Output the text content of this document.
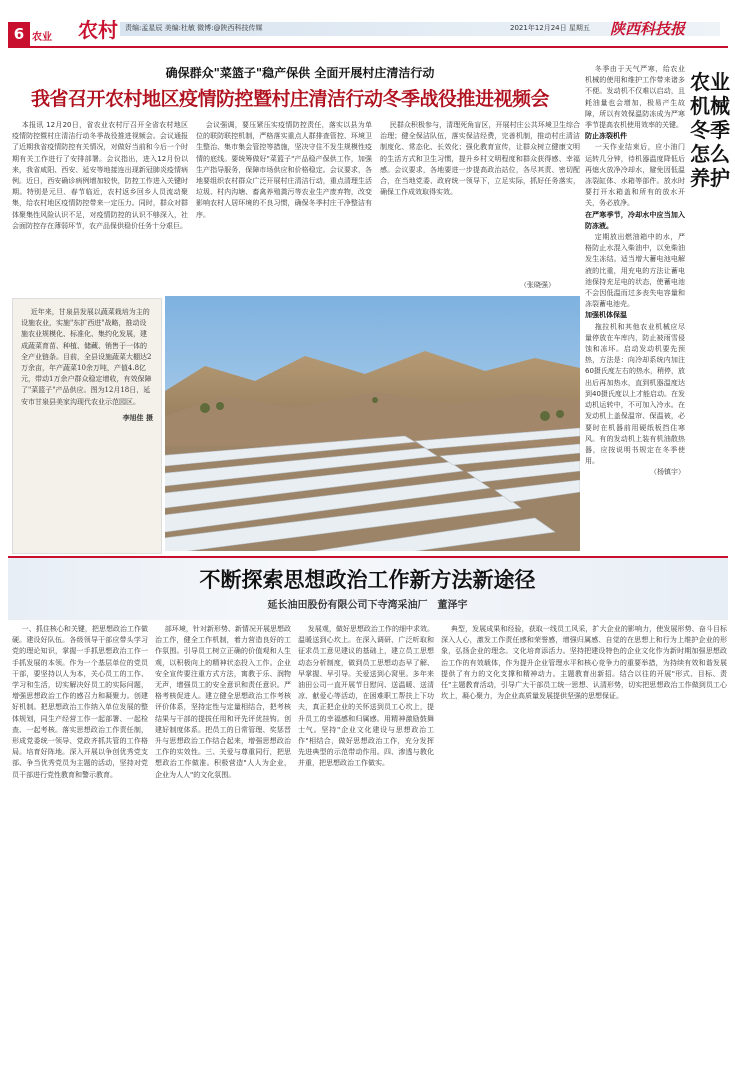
6 农业 农村 责编:孟星辰 美编:杜敏 微博:@陕西科技传媒	2021年12月24日 星期五 陕西科技报
确保群众"菜篮子"稳产保供 全面开展村庄清洁行动
我省召开农村地区疫情防控暨村庄清洁行动冬季战役推进视频会

本报讯 12月20日，省农业农村厅召开全省农村地区疫情防控暨村庄清洁行动冬季战役推进视频会。会议通报了近期我省疫情防控有关情况，对做好当前和今后一个时期有关工作进行了安排部署。会议指出，进入12月份以来，我省咸阳、西安、延安等地接连出现新冠肺炎疫情病例。近日，西安确诊病例增加较快，防控工作进入关键时期。特别是元旦、春节临近，农村返乡回乡人员流动聚集，给农村地区疫情防控带来一定压力。同时，群众对群体聚集性风险认识不足，对疫情防控的认识不够深入，社会面防控存在薄弱环节，农产品保供稳价任务十分艰巨。

会议强调，要压紧压实疫情防控责任，落实以县为单位的联防联控机制，严格落实重点人群排查管控、环境卫生整治、集市集会管控等措施，坚决守住不发生规模性疫情的底线。要统筹做好"菜篮子"产品稳产保供工作，加强生产指导服务，保障市场供应和价格稳定。会议要求，各地要组织农村群众广泛开展村庄清洁行动，重点清理生活垃圾、村内沟塘、畜禽养殖粪污等农业生产废弃物，改变影响农村人居环境的不良习惯，确保冬季村庄干净整洁有序。

民群众积极参与，清理死角盲区，开展村庄公共环境卫生综合治理；健全保洁队伍，落实保洁经费，完善机制，推动村庄清洁制度化、常态化、长效化；强化教育宣传，让群众树立健康文明的生活方式和卫生习惯，提升乡村文明程度和群众获得感、幸福感。会议要求，各地要进一步提高政治站位，各尽其责、密切配合，在当地党委、政府统一领导下，立足实际，抓好任务落实，确保工作成效取得实效。

（张晓强）

近年来，甘泉县发展以蔬菜栽培为主的设施农业，实施"东扩西进"战略，推动设施农业规模化、标准化、集约化发展，建成蔬菜育苗、种植、储藏、销售于一体的全产业链条。目前，全县设施蔬菜大棚达2万余亩，年产蔬菜10余万吨，产值4.8亿元，带动1万余户群众稳定增收，有效保障了"菜篮子"产品供应。图为12月18日，延安市甘泉县美家沟现代农业示范园区。

李旭佳 摄

冬季由于天气严寒，给农业机械的使用和维护工作带来诸多不便。发动机不仅难以启动，且耗油量也会增加，极易产生故障，所以有效保温防冻成为严寒季节提高农机使用效率的关键。

防止冻裂机件

一天作业结束后，应小油门运转几分钟，待机器温度降低后再熄火放净冷却水，避免因低温冻裂缸体、水箱等部件。放水时要打开水箱盖和所有的放水开关，务必放净。

在严寒季节，冷却水中应当加入防冻液。

定期放出燃油箱中的水，严格防止水混入柴油中，以免柴油发生冻结。适当增大蓄电池电解液的比重，用充电的方法让蓄电池保持充足电的状态，使蓄电池不会因低温而过多丧失电容量和冻裂蓄电池壳。

加强机体保温

拖拉机和其他农业机械应尽量停放在车库内，防止被雨雪侵蚀和冻坏。启动发动机要先预热，方法是：向冷却系统内加注60摄氏度左右的热水，稍停，放出后再加热水，直到机器温度达到40摄氏度以上才能启动。在发动机运转中，不可加入冷水。在发动机上盖保温帘、保温被，必要时在机器前用硬纸板挡住寒风。有的发动机上装有机油散热器，应按说明书规定在冬季使用。

（杨镇宇）

农业机械冬季怎么养护
不断探索思想政治工作新方法新途径
延长油田股份有限公司下寺湾采油厂　董泽宇

一、抓住核心和关键，把思想政治工作做硬。建设好队伍。各级领导干部应带头学习党的理论知识，掌握一手抓思想政治工作一手抓发展的本领。作为一个基层单位的党员干部，要坚持以人为本，关心员工的工作、学习和生活，切实解决好员工的实际问题，增强思想政治工作的感召力和凝聚力。创建好机制。把思想政治工作纳入单位发展的整体规划，同生产经营工作一起部署、一起检查、一起考核。落实思想政治工作责任制，形成党委统一领导、党政齐抓共管的工作格局。培育好阵地。深入开展以争创优秀党支部、争当优秀党员为主题的活动，坚持对党员干部进行党性教育和警示教育。

部环境，针对新形势、新情况开展思想政治工作，健全工作机制，着力营造良好的工作氛围。引导员工树立正确的价值观和人生观，以积极向上的精神状态投入工作。企业安全宣传要注重方式方法，寓教于乐、润物无声，增强员工的安全意识和责任意识。严格考核促进人。建立健全思想政治工作考核评价体系，坚持定性与定量相结合，把考核结果与干部的提拔任用和评先评优挂钩。创建好制度体系。把员工的日常管理、奖惩晋升与思想政治工作结合起来，增强思想政治工作的实效性。三、关爱与尊重同行，把思想政治工作做准。积极营造"人人为企业，企业为人人"的文化氛围。

发展观，做好思想政治工作的细中求效。温暖送到心坎上。在深入调研、广泛听取和征求员工意见建议的基础上，建立员工思想动态分析制度，做到员工思想动态早了解、早掌握、早引导。关爱送到心窝里。多年来油田公司一直开展节日慰问、送温暖、送清凉、献爱心等活动，在困难职工帮扶上下功夫，真正把企业的关怀送到员工心坎上，提升员工的幸福感和归属感。用精神激励鼓舞士气。坚持"企业文化建设与思想政治工作"相结合，做好思想政治工作，充分发挥先进典型的示范带动作用。四、渗透与教化并重，把思想政治工作做实。

典型，发展成果和经验，获取一线员工风采，扩大企业的影响力，使发展形势、奋斗目标深入人心，激发工作责任感和荣誉感，增强归属感、自觉的在思想上和行为上维护企业的形象，弘扬企业的理念。文化培育添活力。坚持把建设特色的企业文化作为新时期加强思想政治工作的有效载体，作为提升企业管理水平和核心竞争力的重要举措，为持续有效和谐发展提供了有力的文化支撑和精神动力。主题教育出新招。结合以往的开展"形式、目标、责任"主题教育活动，引导广大干部员工统一思想、认清形势，切实把思想政治工作做到员工心坎上，凝心聚力，为企业高质量发展提供坚强的思想保证。
